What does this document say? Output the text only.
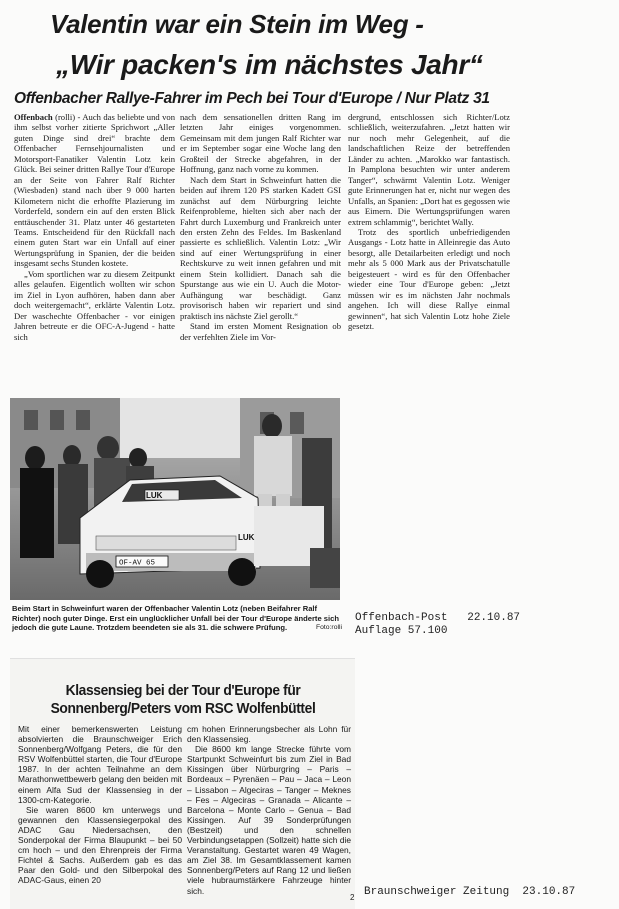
Valentin war ein Stein im Weg -
„Wir packen's im nächstes Jahr“
Offenbacher Rallye-Fahrer im Pech bei Tour d'Europe / Nur Platz 31

Offenbach (rolli) - Auch das beliebte und von ihm selbst vorher zitierte Sprichwort „Aller guten Dinge sind drei“ brachte dem Offenbacher Fernsehjournalisten und Motorsport-Fanatiker Valentin Lotz kein Glück. Bei seiner dritten Rallye Tour d'Europe an der Seite von Fahrer Ralf Richter (Wiesbaden) stand nach über 9 000 harten Kilometern nicht die erhoffte Plazierung im Vorderfeld, sondern ein auf den ersten Blick enttäuschender 31. Platz unter 46 gestarteten Teams. Entscheidend für den Rückfall nach einem guten Start war ein Unfall auf einer Wertungsprüfung in Spanien, der die beiden insgesamt sechs Stunden kostete.

„Vom sportlichen war zu diesem Zeitpunkt alles gelaufen. Eigentlich wollten wir schon im Ziel in Lyon aufhören, haben dann aber doch weitergemacht“, erklärte Valentin Lotz. Der waschechte Offenbacher - vor einigen Jahren betreute er die OFC-A-Jugend - hatte sich

nach dem sensationellen dritten Rang im letzten Jahr einiges vorgenommen. Gemeinsam mit dem jungen Ralf Richter war er im September sogar eine Woche lang den Großteil der Strecke abgefahren, in der Hoffnung, ganz nach vorne zu kommen.

Nach dem Start in Schweinfurt hatten die beiden auf ihrem 120 PS starken Kadett GSI zunächst auf dem Nürburgring leichte Reifenprobleme, hielten sich aber nach der Fahrt durch Luxemburg und Frankreich unter den ersten Zehn des Feldes. Im Baskenland passierte es schließlich. Valentin Lotz: „Wir sind auf einer Wertungsprüfung in einer Rechtskurve zu weit innen gefahren und mit einem Stein kollidiert. Danach sah die Spurstange aus wie ein U. Auch die Motor-Aufhängung war beschädigt. Ganz provisorisch haben wir repariert und sind praktisch ins nächste Ziel gerollt.“

Stand im ersten Moment Resignation ob der verfehlten Ziele im Vor-

dergrund, entschlossen sich Richter/Lotz schließlich, weiterzufahren. „Jetzt hatten wir nur noch mehr Gelegenheit, auf die landschaftlichen Reize der betreffenden Länder zu achten. „Marokko war fantastisch. In Pamplona besuchten wir unter anderem Tanger“, schwärmt Valentin Lotz. Weniger gute Erinnerungen hat er, nicht nur wegen des Unfalls, an Spanien: „Dort hat es gegossen wie aus Eimern. Die Wertungsprüfungen waren extrem schlammig“, berichtet Wally.

Trotz des sportlich unbefriedigenden Ausgangs - Lotz hatte in Alleinregie das Auto besorgt, alle Detailarbeiten erledigt und noch mehr als 5 000 Mark aus der Privatschatulle beigesteuert - wird es für den Offenbacher wieder eine Tour d'Europe geben: „Jetzt müssen wir es im nächsten Jahr nochmals angehen. Ich will diese Rallye einmal gewinnen“, hat sich Valentin Lotz hohe Ziele gesetzt.

LUK
LUK
OF-AV 65
Beim Start in Schweinfurt waren der Offenbacher Valentin Lotz (neben Beifahrer Ralf Richter) noch guter Dinge. Erst ein unglücklicher Unfall bei der Tour d'Europe änderte sich jedoch die gute Laune. Trotzdem beendeten sie als 31. die schwere Prüfung.	Foto:rolli
Offenbach-Post   22.10.87
Auflage 57.100
Klassensieg bei der Tour d'Europe für
Sonnenberg/Peters vom RSC Wolfenbüttel

Mit einer bemerkenswerten Leistung absolvierten die Braunschweiger Erich Sonnenberg/Wolfgang Peters, die für den RSV Wolfenbüttel starten, die Tour d'Europe 1987. In der achten Teilnahme an dem Marathonwettbewerb gelang den beiden mit einem Alfa Sud der Klassensieg in der 1300-cm-Kategorie.

Sie waren 8600 km unterwegs und gewannen den Klassensiegerpokal des ADAC Gau Niedersachsen, den Sonderpokal der Firma Blaupunkt – bei 50 cm hoch – und den Ehrenpreis der Firma Fichtel & Sachs. Außerdem gab es das Paar den Gold- und den Silberpokal des ADAC-Gaus, einen 20

cm hohen Erinnerungsbecher als Lohn für den Klassensieg.

Die 8600 km lange Strecke führte vom Startpunkt Schweinfurt bis zum Ziel in Bad Kissingen über Nürburgring – Paris – Bordeaux – Pyrenäen – Pau – Jaca – Leon – Lissabon – Algeciras – Tanger – Meknes – Fes – Algeciras – Granada – Alicante – Barcelona – Monte Carlo – Genua – Bad Kissingen. Auf 39 Sonderprüfungen (Bestzeit) und den schnellen Verbindungsetappen (Sollzeit) hatte sich die Veranstaltung. Gestartet waren 49 Wagen, am Ziel 38. Im Gesamtklassement kamen Sonnenberg/Peters auf Rang 12 und ließen viele hubraumstärkere Fahrzeuge hinter sich.

2 Braunschweiger Zeitung  23.10.87
